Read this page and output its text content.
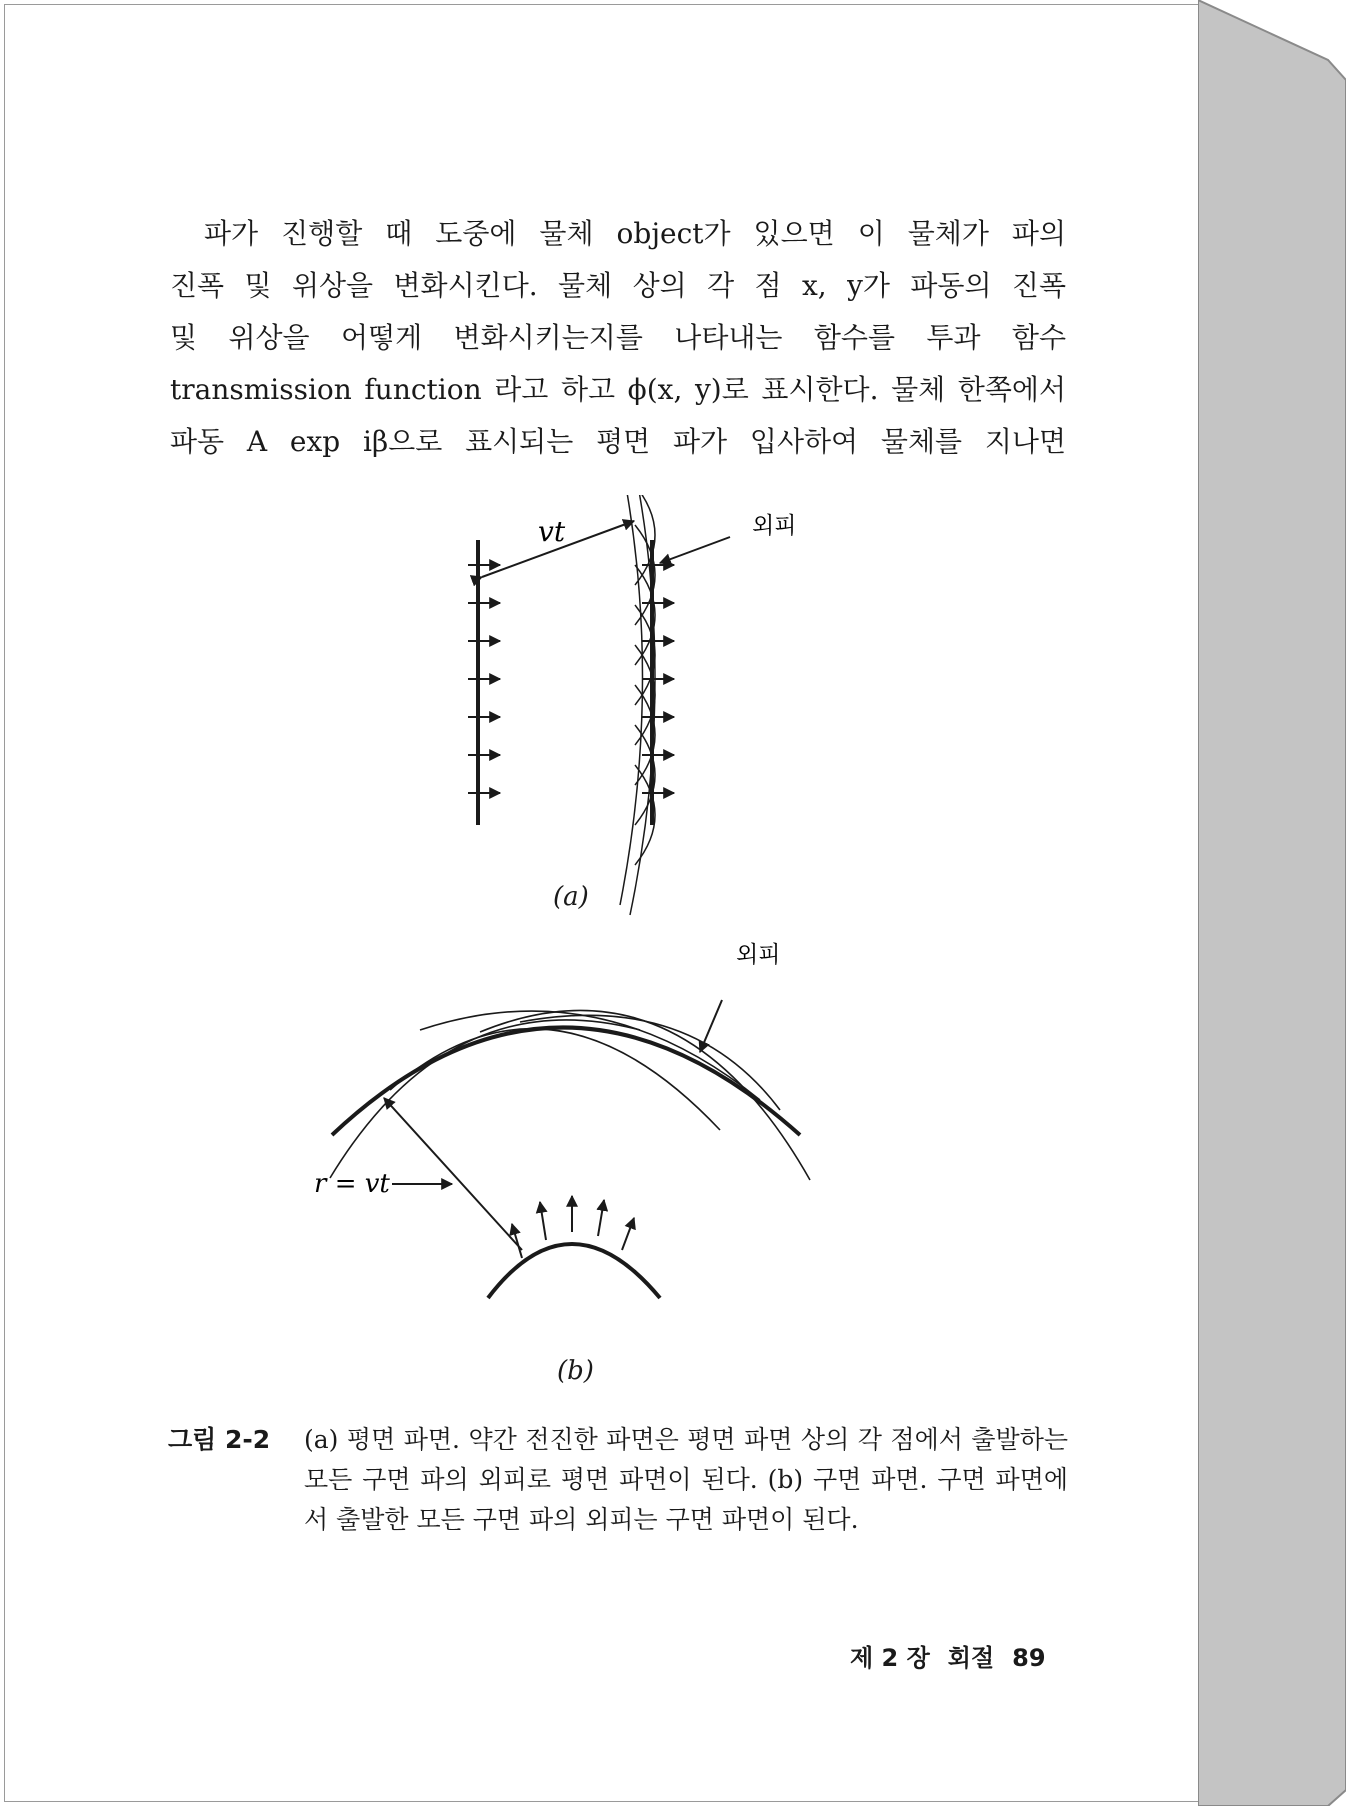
파가 진행할 때 도중에 물체 object가 있으면 이 물체가 파의
진폭 및 위상을 변화시킨다. 물체 상의 각 점 x, y가 파동의 진폭
및 위상을 어떻게 변화시키는지를 나타내는 함수를 투과 함수
transmission function 라고 하고 ϕ(x, y)로 표시한다. 물체 한쪽에서
파동 A exp iβ으로 표시되는 평면 파가 입사하여 물체를 지나면
vt	외피
(a)
r = vt
외피
(b)
그림 2-2 (a) 평면 파면. 약간 전진한 파면은 평면 파면 상의 각 점에서 출발하는 모든 구면 파의 외피로 평면 파면이 된다. (b) 구면 파면. 구면 파면에서 출발한 모든 구면 파의 외피는 구면 파면이 된다.
제 2 장 회절 89
